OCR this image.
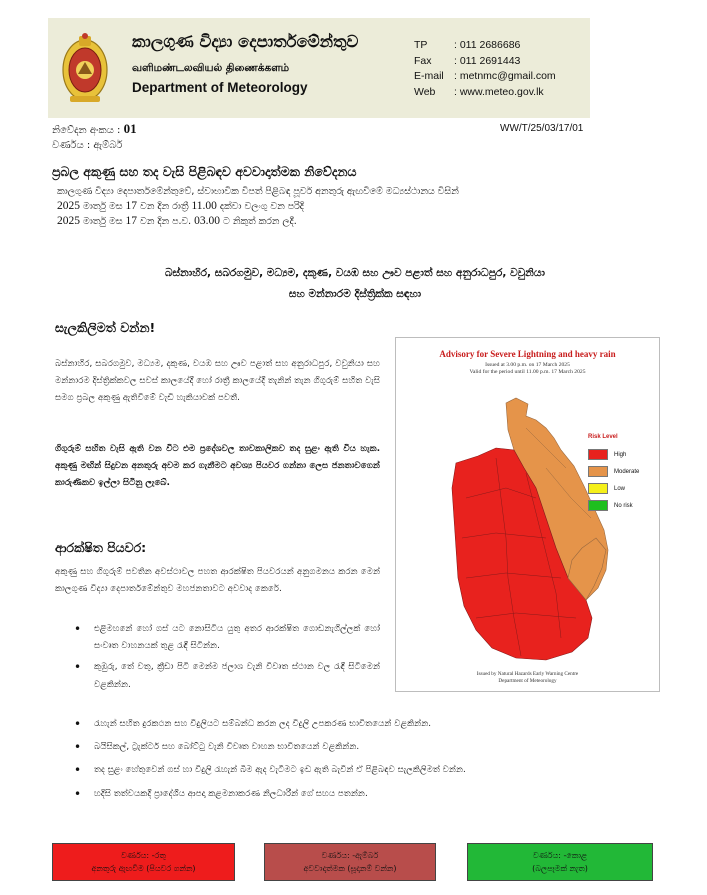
කාලගුණ විද්‍යා දෙපාර්තමේන්තුව
வளிமண்டலவியல் திணைக்களம்
Department of Meteorology
TP	: 011 2686686
Fax	: 011 2691443
E-mail : metnmc@gmail.com
Web	: www.meteo.gov.lk
නිවේදන අංකය : 01
වර්ණය : ඇම්බර්
WW/T/25/03/17/01
ප්‍රබල අකුණු සහ තද වැසි පිළිබඳව අවවාදාත්මක නිවේදනය
කාලගුණ විද්‍යා දෙපාර්තමේන්තුවේ, ස්වාභාවික විපත් පිළිබඳ පූර්ව අනතුරු ඇඟවීමේ මධ්‍යස්ථානය විසින්
2025 මාර්තු මස 17 වන දින රාත්‍රී 11.00 දක්වා වලංගු වන පරිදි
2025 මාර්තු මස 17 වන දින ප.ව. 03.00 ට නිකුත් කරන ලදී.
බස්නාහිර, සබරගමුව, මධ්‍යම, දකුණ, වයඹ සහ ඌව පළාත් සහ අනුරාධපුර, වවුනියා
සහ මන්නාරම දිස්ත්‍රික්ක සඳහා
සැලකිලිමත් වන්න!
බස්නාහිර, සබරගමුව, මධ්‍යම, දකුණ, වයඹ සහ ඌව පළාත් සහ අනුරාධපුර, වවුනියා සහ මන්නාරම දිස්ත්‍රික්කවල සවස් කාලයේදී හෝ රාත්‍රී කාලයේදී තැනින් තැන ගිගුරුම් සහිත වැසි සමග ප්‍රබල අකුණු ඇතිවීමේ වැඩි හැකියාවක් පවතී.
ගිගුරුම් සහිත වැසි ඇති වන විට එම ප්‍රදේශවල තාවකාලිකව තද සුළං ඇති විය හැක. අකුණු මඟින් සිදුවන අනතුරු අවම කර ගැනීමට අවශ්‍ය පියවර ගන්නා ලෙස ජනතාවගෙන් කාරුණිකව ඉල්ලා සිටිනු ලැබේ.
ආරක්ෂිත පියවර:
අකුණු සහ ගිගුරුම් පවතින අවස්ථාවල පහත ආරක්ෂිත පියවරයන් අනුගමනය කරන මෙන් කාලගුණ විද්‍යා දෙපාර්තමේන්තුව මහජනතාවට අවවාද කෙරේ.
• එළිමහනේ හෝ ගස් යට නොසිටිය යුතු අතර ආරක්ෂිත ගොඩනැගිල්ලක් හෝ සංවෘත වාහනයක් තුළ රැඳී සිටින්න.
• කුඹුරු, තේ වතු, ක්‍රීඩා පිටි මෙන්ම ජලාශ වැනි විවෘත ස්ථාන වල රැඳී සිටීමෙන් වළකින්න.
• රැහැන් සහිත දුරකථන සහ විදුලියට සම්බන්ධ කරන ලද විදුලි උපකරණ භාවිතයෙන් වළකින්න.
• බයිසිකල්, ට්‍රැක්ටර් සහ බෝට්ටු වැනි විවෘත වාහන භාවිතයෙන් වළකින්න.
• තද සුළං හේතුවෙන් ගස් හා විදුලි රැහැන් බිම ඇද වැටීමට ඉඩ ඇති බැවින් ඒ පිළිබඳව සැලකිලිමත් වන්න.
• හදිසි තත්වයකදී ප්‍රාදේශීය ආපදා කළමනාකරණ නිලධාරීන් ගේ සහය පතන්න.
Advisory for Severe Lightning and heavy rain
Issued at 3.00 p.m. on 17 March 2025
Valid for the period until 11.00 p.m. 17 March 2025
Risk Level
High
Moderate
Low
No risk
Issued by Natural Hazards Early Warning Centre
Department of Meteorology
වර්ණය: -රතු
අනතුරු ඇඟවීම (පියවර ගන්න)
වර්ණය: -ඇම්බර්
අවවාදාත්මක (සූදානම් වන්න)
වර්ණය: -කොළ
(බලපෑමක් නැත)
